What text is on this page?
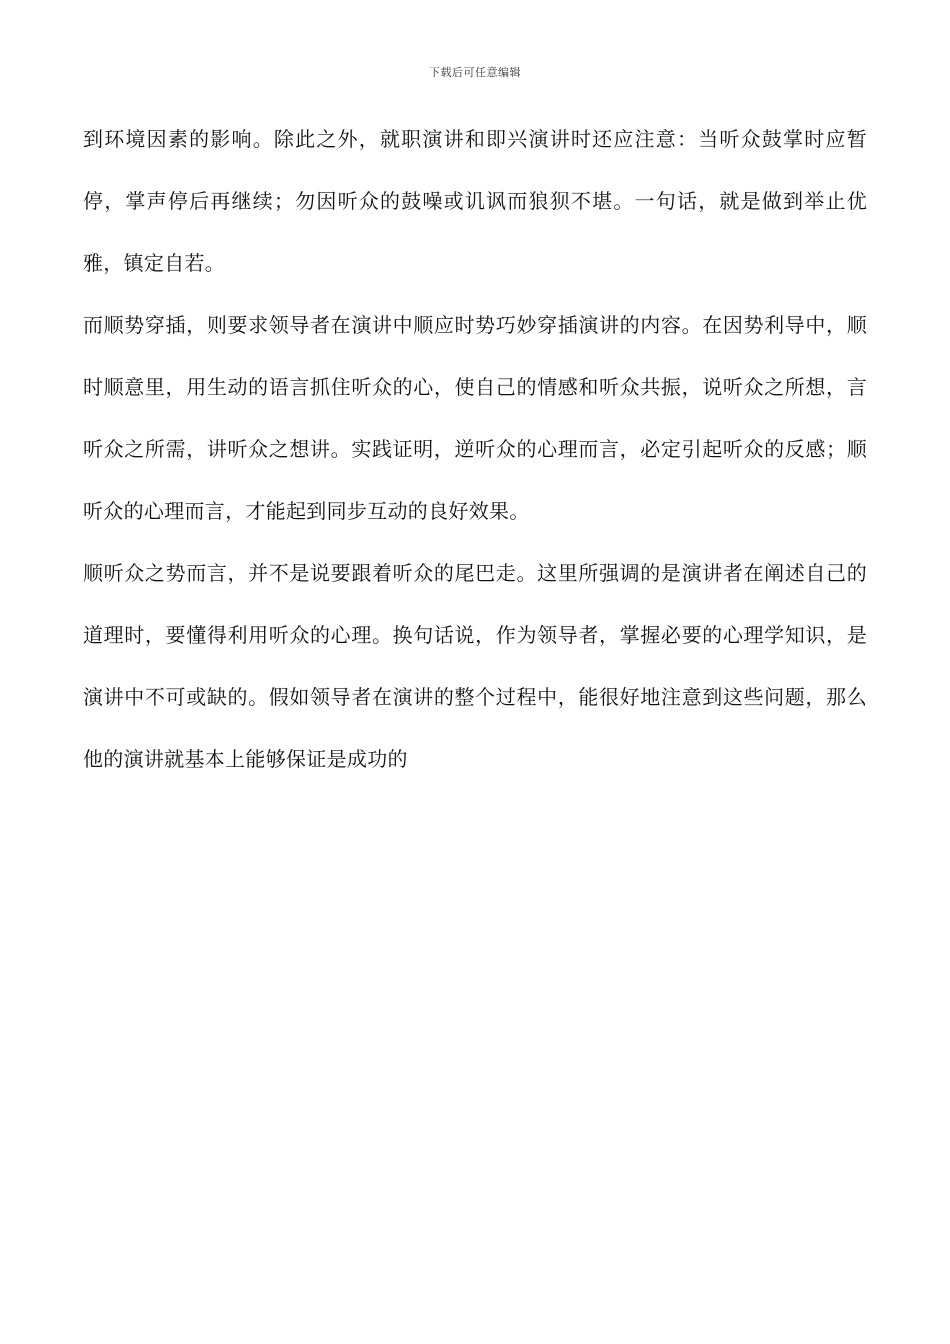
下载后可任意编辑

到环境因素的影响。除此之外，就职演讲和即兴演讲时还应注意：当听众鼓掌时应暂停，掌声停后再继续；勿因听众的鼓噪或讥讽而狼狈不堪。一句话，就是做到举止优雅，镇定自若。

而顺势穿插，则要求领导者在演讲中顺应时势巧妙穿插演讲的内容。在因势利导中，顺时顺意里，用生动的语言抓住听众的心，使自己的情感和听众共振，说听众之所想，言听众之所需，讲听众之想讲。实践证明，逆听众的心理而言，必定引起听众的反感；顺听众的心理而言，才能起到同步互动的良好效果。

顺听众之势而言，并不是说要跟着听众的尾巴走。这里所强调的是演讲者在阐述自己的道理时，要懂得利用听众的心理。换句话说，作为领导者，掌握必要的心理学知识，是演讲中不可或缺的。假如领导者在演讲的整个过程中，能很好地注意到这些问题，那么他的演讲就基本上能够保证是成功的
